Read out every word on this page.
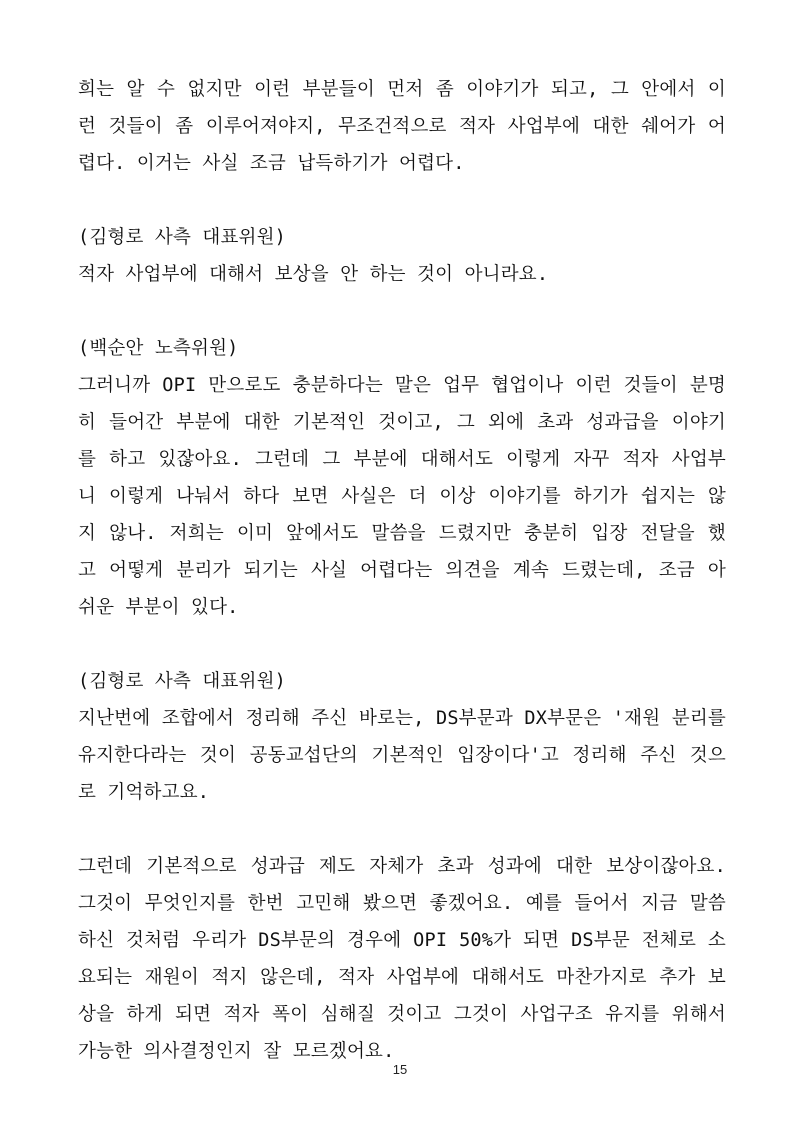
희는 알 수 없지만 이런 부분들이 먼저 좀 이야기가 되고, 그 안에서 이런 것들이 좀 이루어져야지, 무조건적으로 적자 사업부에 대한 쉐어가 어렵다. 이거는 사실 조금 납득하기가 어렵다.

(김형로 사측 대표위원)

적자 사업부에 대해서 보상을 안 하는 것이 아니라요.

(백순안 노측위원)

그러니까 OPI 만으로도 충분하다는 말은 업무 협업이나 이런 것들이 분명히 들어간 부분에 대한 기본적인 것이고, 그 외에 초과 성과급을 이야기를 하고 있잖아요. 그런데 그 부분에 대해서도 이렇게 자꾸 적자 사업부니 이렇게 나눠서 하다 보면 사실은 더 이상 이야기를 하기가 쉽지는 않지 않나. 저희는 이미 앞에서도 말씀을 드렸지만 충분히 입장 전달을 했고 어떻게 분리가 되기는 사실 어렵다는 의견을 계속 드렸는데, 조금 아쉬운 부분이 있다.

(김형로 사측 대표위원)

지난번에 조합에서 정리해 주신 바로는, DS부문과 DX부문은 '재원 분리를 유지한다라는 것이 공동교섭단의 기본적인 입장이다'고 정리해 주신 것으로 기억하고요.

그런데 기본적으로 성과급 제도 자체가 초과 성과에 대한 보상이잖아요. 그것이 무엇인지를 한번 고민해 봤으면 좋겠어요. 예를 들어서 지금 말씀하신 것처럼 우리가 DS부문의 경우에 OPI 50%가 되면 DS부문 전체로 소요되는 재원이 적지 않은데, 적자 사업부에 대해서도 마찬가지로 추가 보상을 하게 되면 적자 폭이 심해질 것이고 그것이 사업구조 유지를 위해서 가능한 의사결정인지 잘 모르겠어요.

15
